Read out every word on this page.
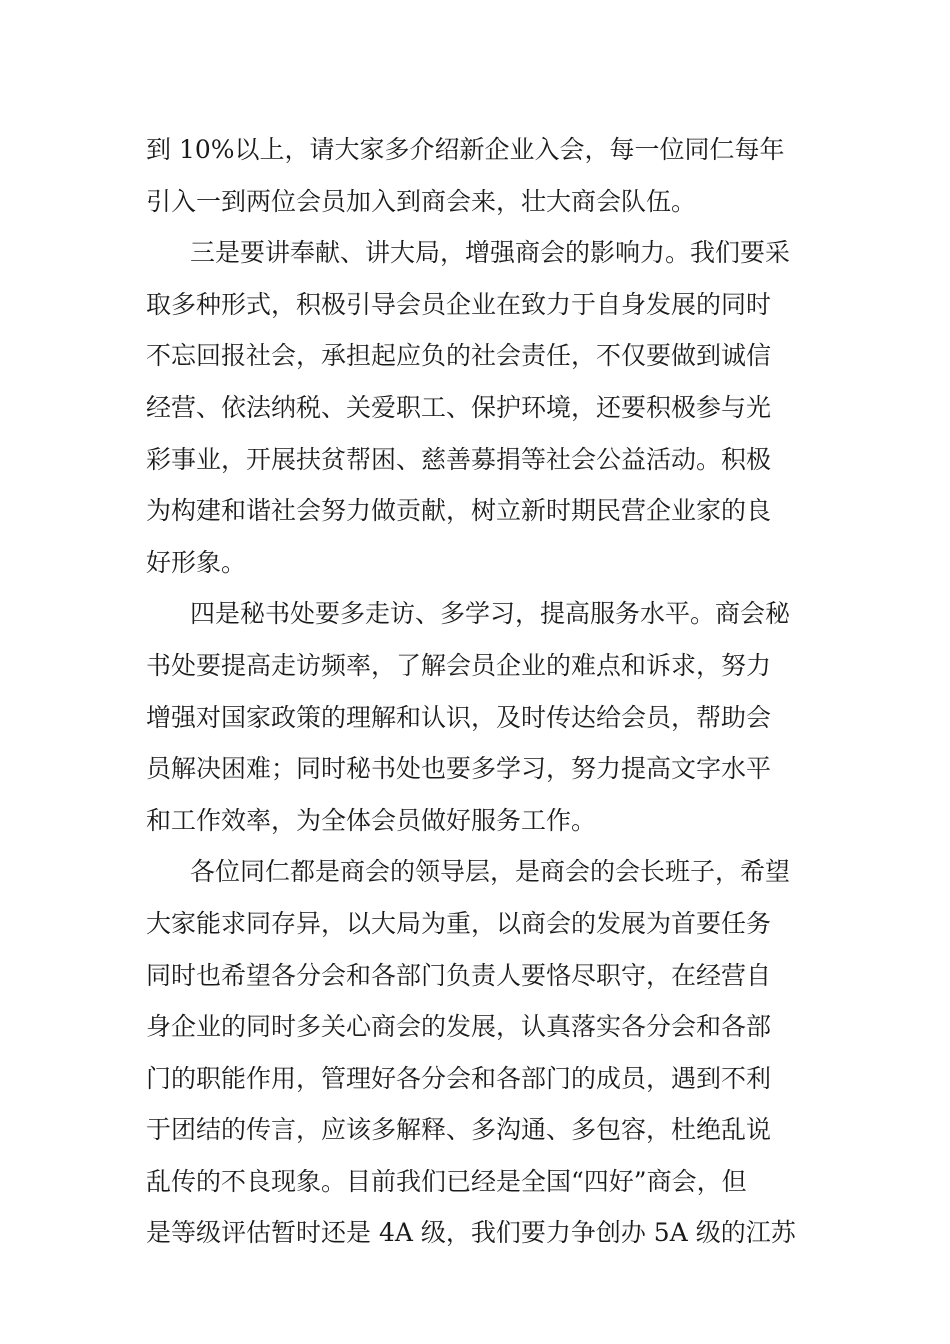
到 10%以上，请大家多介绍新企业入会，每一位同仁每年
引入一到两位会员加入到商会来，壮大商会队伍。
三是要讲奉献、讲大局，增强商会的影响力。我们要采
取多种形式，积极引导会员企业在致力于自身发展的同时
不忘回报社会，承担起应负的社会责任，不仅要做到诚信
经营、依法纳税、关爱职工、保护环境，还要积极参与光
彩事业，开展扶贫帮困、慈善募捐等社会公益活动。积极
为构建和谐社会努力做贡献，树立新时期民营企业家的良
好形象。
四是秘书处要多走访、多学习，提高服务水平。商会秘
书处要提高走访频率，了解会员企业的难点和诉求，努力
增强对国家政策的理解和认识，及时传达给会员，帮助会
员解决困难；同时秘书处也要多学习，努力提高文字水平
和工作效率，为全体会员做好服务工作。
各位同仁都是商会的领导层，是商会的会长班子，希望
大家能求同存异，以大局为重，以商会的发展为首要任务
同时也希望各分会和各部门负责人要恪尽职守，在经营自
身企业的同时多关心商会的发展，认真落实各分会和各部
门的职能作用，管理好各分会和各部门的成员，遇到不利
于团结的传言，应该多解释、多沟通、多包容，杜绝乱说
乱传的不良现象。目前我们已经是全国“四好”商会，但
是等级评估暂时还是 4A 级，我们要力争创办 5A 级的江苏
